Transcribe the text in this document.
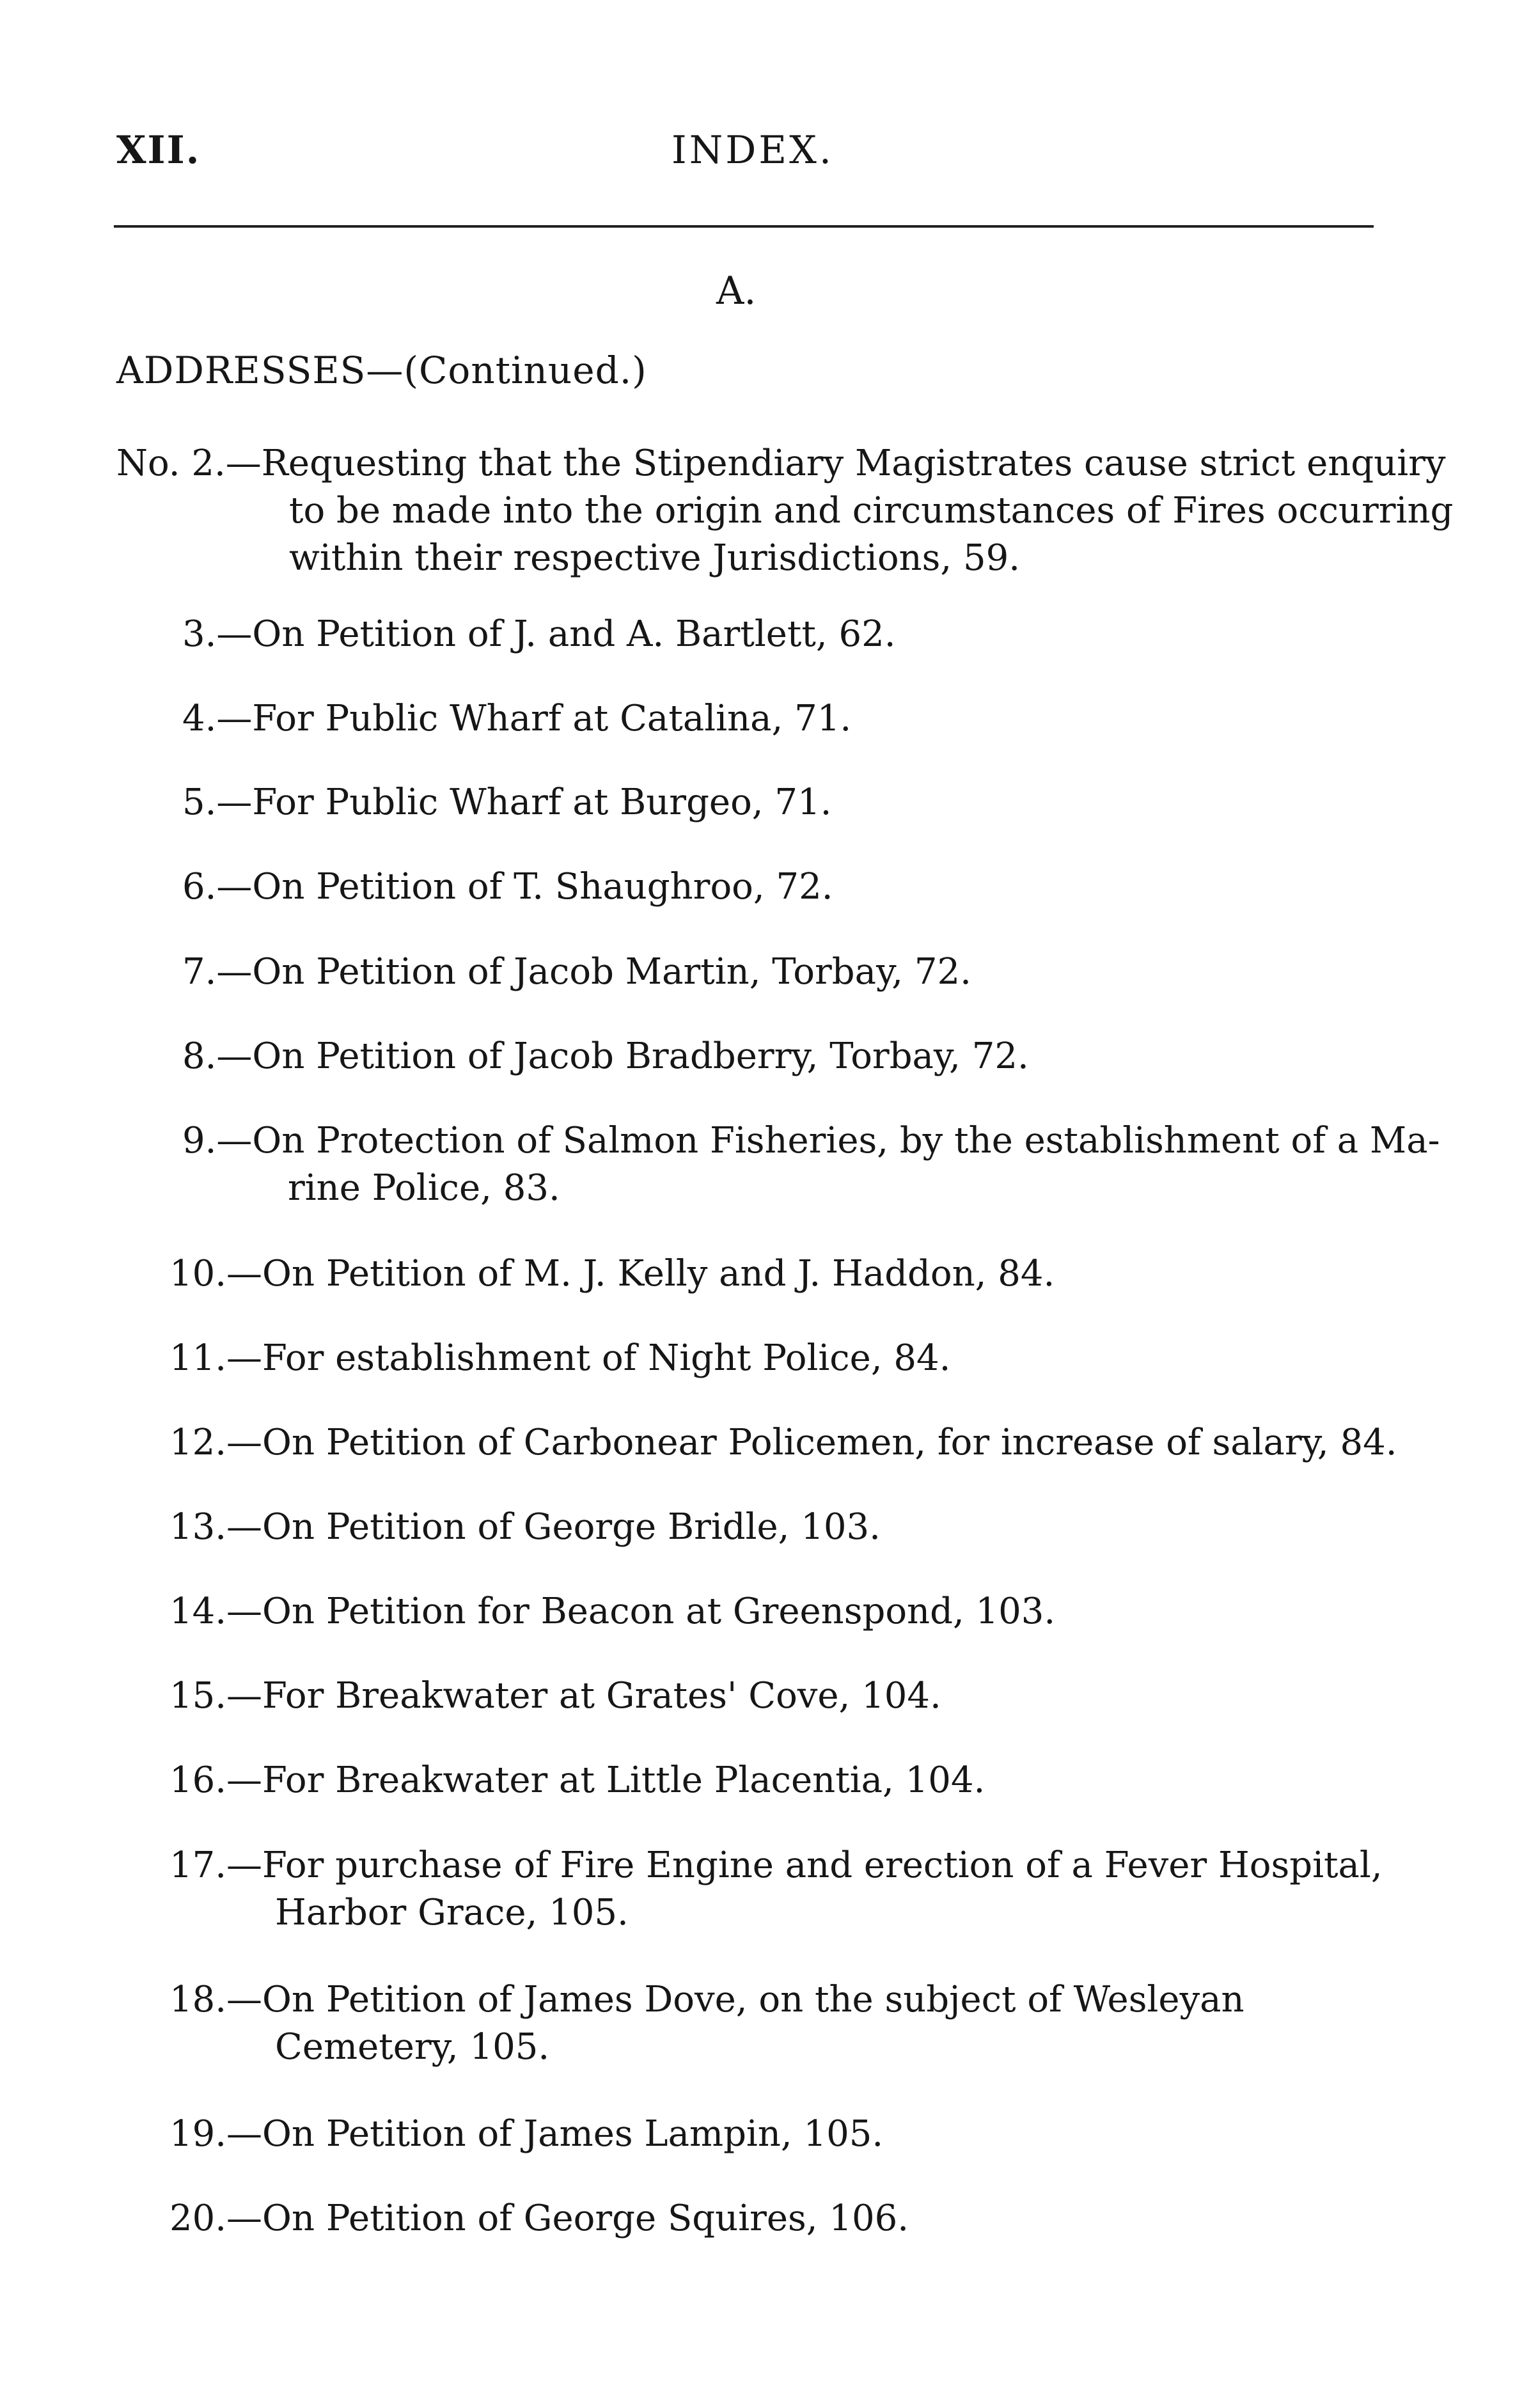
XII.	INDEX.
A.
ADDRESSES—(Continued.)
No. 2.—Requesting that the Stipendiary Magistrates cause strict enquiry
to be made into the origin and circumstances of Fires occurring
within their respective Jurisdictions, 59.
3.—On Petition of J. and A. Bartlett, 62.
4.—For Public Wharf at Catalina, 71.
5.—For Public Wharf at Burgeo, 71.
6.—On Petition of T. Shaughroo, 72.
7.—On Petition of Jacob Martin, Torbay, 72.
8.—On Petition of Jacob Bradberry, Torbay, 72.
9.—On Protection of Salmon Fisheries, by the establishment of a Ma-
rine Police, 83.
10.—On Petition of M. J. Kelly and J. Haddon, 84.
11.—For establishment of Night Police, 84.
12.—On Petition of Carbonear Policemen, for increase of salary, 84.
13.—On Petition of George Bridle, 103.
14.—On Petition for Beacon at Greenspond, 103.
15.—For Breakwater at Grates' Cove, 104.
16.—For Breakwater at Little Placentia, 104.
17.—For purchase of Fire Engine and erection of a Fever Hospital,
Harbor Grace, 105.
18.—On Petition of James Dove, on the subject of Wesleyan
Cemetery, 105.
19.—On Petition of James Lampin, 105.
20.—On Petition of George Squires, 106.
